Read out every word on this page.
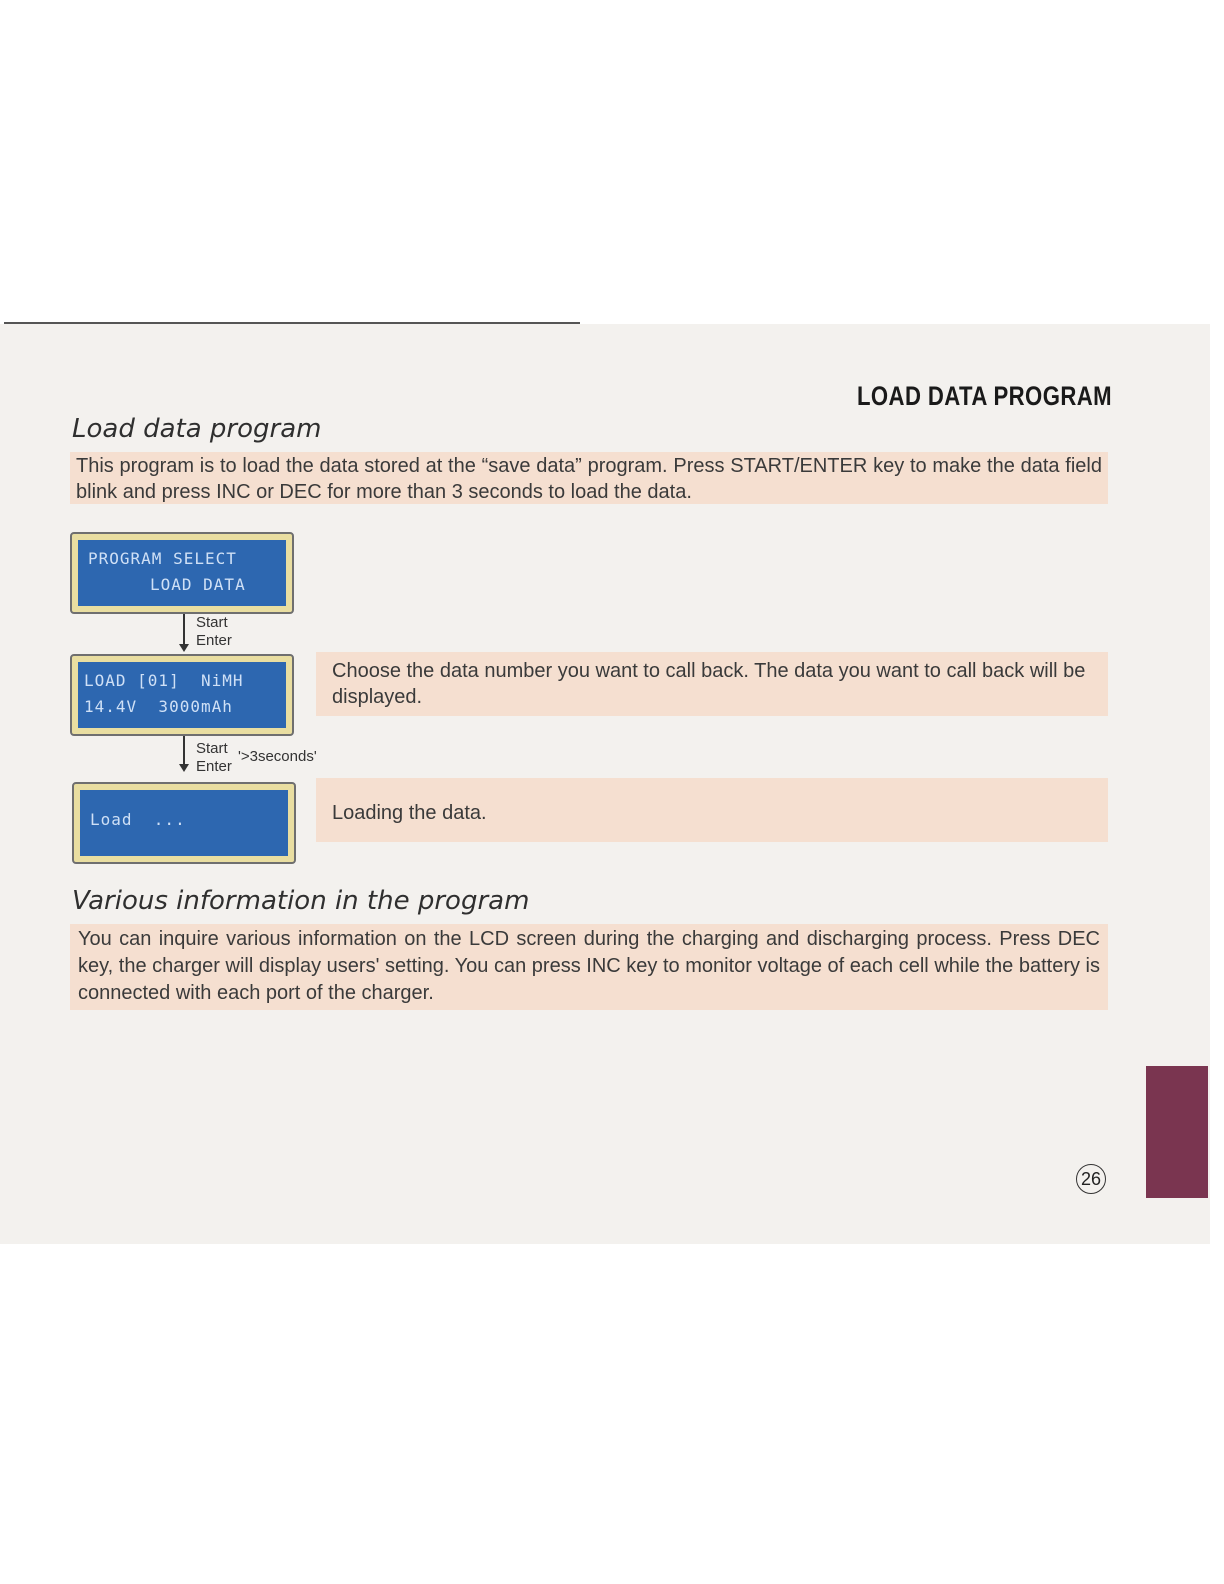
LOAD DATA PROGRAM
Load data program

This program is to load the data stored at the “save data” program. Press START/ENTER key to make the data field blink and press INC or DEC for more than 3 seconds to load the data.

PROGRAM SELECT

LOAD DATA

Start
Enter

LOAD [01]  NiMH

14.4V  3000mAh

Choose the data number you want to call back. The data you want to call back will be displayed.

Start
Enter
'>3seconds'

Load  ...

	Loading the data.

Various information in the program

You can inquire various information on the LCD screen during the charging and discharging process. Press DEC key, the charger will display users' setting. You can press INC key to monitor voltage of each cell while the battery is connected with each port of the charger.

26
